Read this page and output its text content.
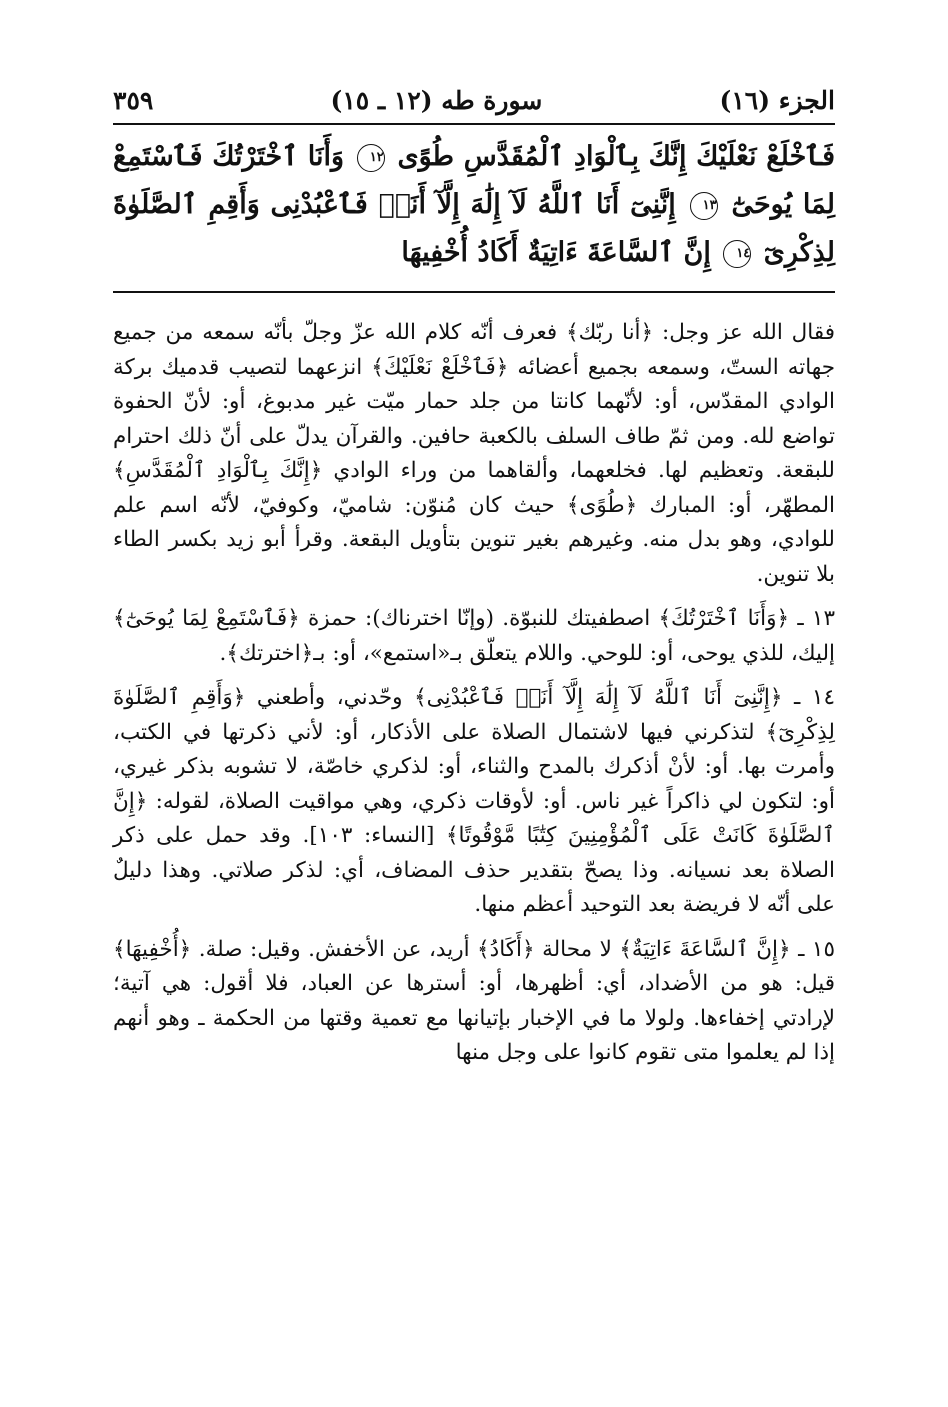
الجزء (١٦)
سورة طه (١٢ ـ ١٥)
٣٥٩
فَٱخْلَعْ نَعْلَيْكَ إِنَّكَ بِٱلْوَادِ ٱلْمُقَدَّسِ طُوًى ١٢ وَأَنَا ٱخْتَرْتُكَ فَٱسْتَمِعْ لِمَا يُوحَىٰٓ ١٣ إِنَّنِىٓ أَنَا ٱللَّهُ لَآ إِلَٰهَ إِلَّآ أَنَا۠ فَٱعْبُدْنِى وَأَقِمِ ٱلصَّلَوٰةَ لِذِكْرِىٓ ١٤ إِنَّ ٱلسَّاعَةَ ءَاتِيَةٌ أَكَادُ أُخْفِيهَا

فقال الله عز وجل: ﴿أنا ربّك﴾ فعرف أنّه كلام الله عزّ وجلّ بأنّه سمعه من جميع جهاته الستّ، وسمعه بجميع أعضائه ﴿فَٱخْلَعْ نَعْلَيْكَ﴾ انزعهما لتصيب قدميك بركة الوادي المقدّس، أو: لأنّهما كانتا من جلد حمار ميّت غير مدبوغ، أو: لأنّ الحفوة تواضع لله. ومن ثمّ طاف السلف بالكعبة حافين. والقرآن يدلّ على أنّ ذلك احترام للبقعة. وتعظيم لها. فخلعهما، وألقاهما من وراء الوادي ﴿إِنَّكَ بِٱلْوَادِ ٱلْمُقَدَّسِ﴾ المطهّر، أو: المبارك ﴿طُوًى﴾ حيث كان مُنوّن: شاميّ، وكوفيّ، لأنّه اسم علم للوادي، وهو بدل منه. وغيرهم بغير تنوين بتأويل البقعة. وقرأ أبو زيد بكسر الطاء بلا تنوين.

١٣ ـ ﴿وَأَنَا ٱخْتَرْتُكَ﴾ اصطفيتك للنبوّة. (وإنّا اخترناك): حمزة ﴿فَٱسْتَمِعْ لِمَا يُوحَىٰٓ﴾ إليك، للذي يوحى، أو: للوحي. واللام يتعلّق بـ«استمع»، أو: بـ﴿اخترتك﴾.

١٤ ـ ﴿إِنَّنِىٓ أَنَا ٱللَّهُ لَآ إِلَٰهَ إِلَّآ أَنَا۠ فَٱعْبُدْنِى﴾ وحّدني، وأطعني ﴿وَأَقِمِ ٱلصَّلَوٰةَ لِذِكْرِىٓ﴾ لتذكرني فيها لاشتمال الصلاة على الأذكار، أو: لأني ذكرتها في الكتب، وأمرت بها. أو: لأنْ أذكرك بالمدح والثناء، أو: لذكري خاصّة، لا تشوبه بذكر غيري، أو: لتكون لي ذاكراً غير ناس. أو: لأوقات ذكري، وهي مواقيت الصلاة، لقوله: ﴿إِنَّ ٱلصَّلَوٰةَ كَانَتْ عَلَى ٱلْمُؤْمِنِينَ كِتَٰبًا مَّوْقُوتًا﴾ [النساء: ١٠٣]. وقد حمل على ذكر الصلاة بعد نسيانه. وذا يصحّ بتقدير حذف المضاف، أي: لذكر صلاتي. وهذا دليلٌ على أنّه لا فريضة بعد التوحيد أعظم منها.

١٥ ـ ﴿إِنَّ ٱلسَّاعَةَ ءَاتِيَةٌ﴾ لا محالة ﴿أَكَادُ﴾ أريد، عن الأخفش. وقيل: صلة. ﴿أُخْفِيهَا﴾ قيل: هو من الأضداد، أي: أظهرها، أو: أسترها عن العباد، فلا أقول: هي آتية؛ لإرادتي إخفاءها. ولولا ما في الإخبار بإتيانها مع تعمية وقتها من الحكمة ـ وهو أنهم إذا لم يعلموا متى تقوم كانوا على وجل منها
